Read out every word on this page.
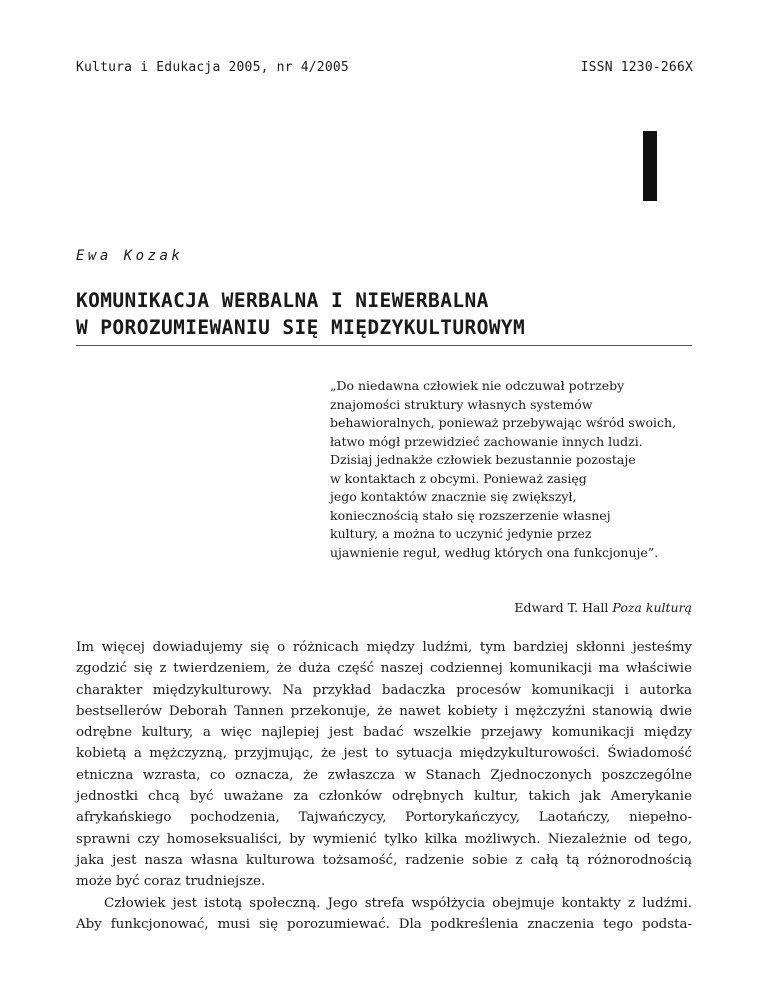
Kultura i Edukacja 2005, nr 4/2005	ISSN 1230-266X
Ewa Kozak
KOMUNIKACJA WERBALNA I NIEWERBALNA
W POROZUMIEWANIU SIĘ MIĘDZYKULTUROWYM
„Do niedawna człowiek nie odczuwał potrzeby
znajomości struktury własnych systemów
behawioralnych, ponieważ przebywając wśród swoich,
łatwo mógł przewidzieć zachowanie innych ludzi.
Dzisiaj jednakże człowiek bezustannie pozostaje
w kontaktach z obcymi. Ponieważ zasięg
jego kontaktów znacznie się zwiększył,
koniecznością stało się rozszerzenie własnej
kultury, a można to uczynić jedynie przez
ujawnienie reguł, według których ona funkcjonuje”.
Edward T. Hall Poza kulturą
Im więcej dowiadujemy się o różnicach między ludźmi, tym bardziej skłonni jesteśmy
zgodzić się z twierdzeniem, że duża część naszej codziennej komunikacji ma właściwie
charakter międzykulturowy. Na przykład badaczka procesów komunikacji i autorka
bestsellerów Deborah Tannen przekonuje, że nawet kobiety i mężczyźni stanowią dwie
odrębne kultury, a więc najlepiej jest badać wszelkie przejawy komunikacji między
kobietą a mężczyzną, przyjmując, że jest to sytuacja międzykulturowości. Świadomość
etniczna wzrasta, co oznacza, że zwłaszcza w Stanach Zjednoczonych poszczególne
jednostki chcą być uważane za członków odrębnych kultur, takich jak Amerykanie
afrykańskiego pochodzenia, Tajwańczycy, Portorykańczycy, Laotańczy, niepełno-
sprawni czy homoseksualiści, by wymienić tylko kilka możliwych. Niezależnie od tego,
jaka jest nasza własna kulturowa tożsamość, radzenie sobie z całą tą różnorodnością
może być coraz trudniejsze.
Człowiek jest istotą społeczną. Jego strefa współżycia obejmuje kontakty z ludźmi.
Aby funkcjonować, musi się porozumiewać. Dla podkreślenia znaczenia tego podsta-
